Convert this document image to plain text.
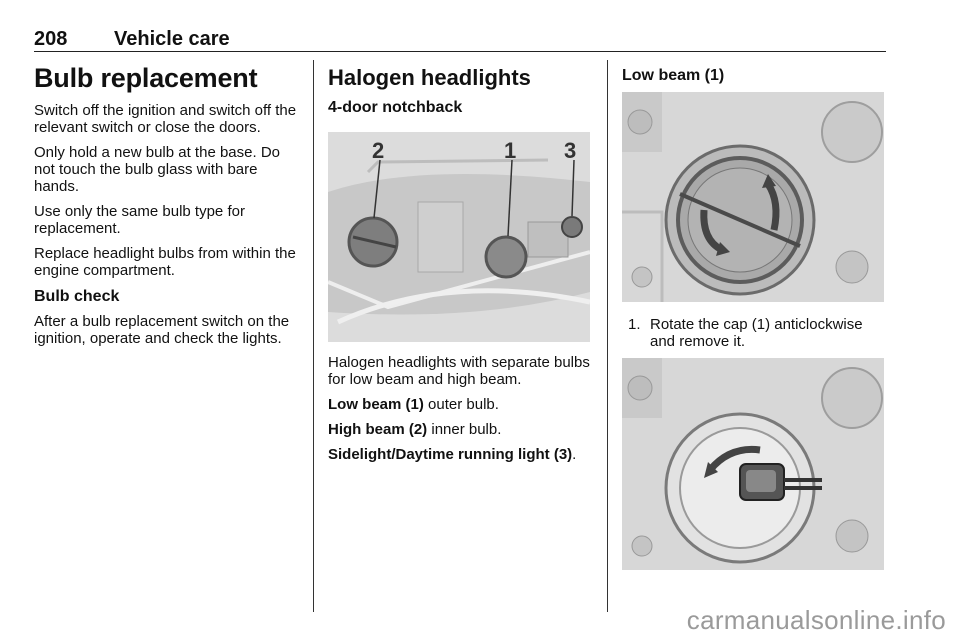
208 Vehicle care
Bulb replacement

Switch off the ignition and switch off the relevant switch or close the doors.

Only hold a new bulb at the base. Do not touch the bulb glass with bare hands.

Use only the same bulb type for replacement.

Replace headlight bulbs from within the engine compartment.

Bulb check

After a bulb replacement switch on the ignition, operate and check the lights.

Halogen headlights
4-door notchback
2	1 3

Halogen headlights with separate bulbs for low beam and high beam.

Low beam (1) outer bulb.

High beam (2) inner bulb.

Sidelight/Daytime running light (3).

Low beam (1)
1. Rotate the cap (1) anticlockwise and remove it.
carmanualsonline.info
